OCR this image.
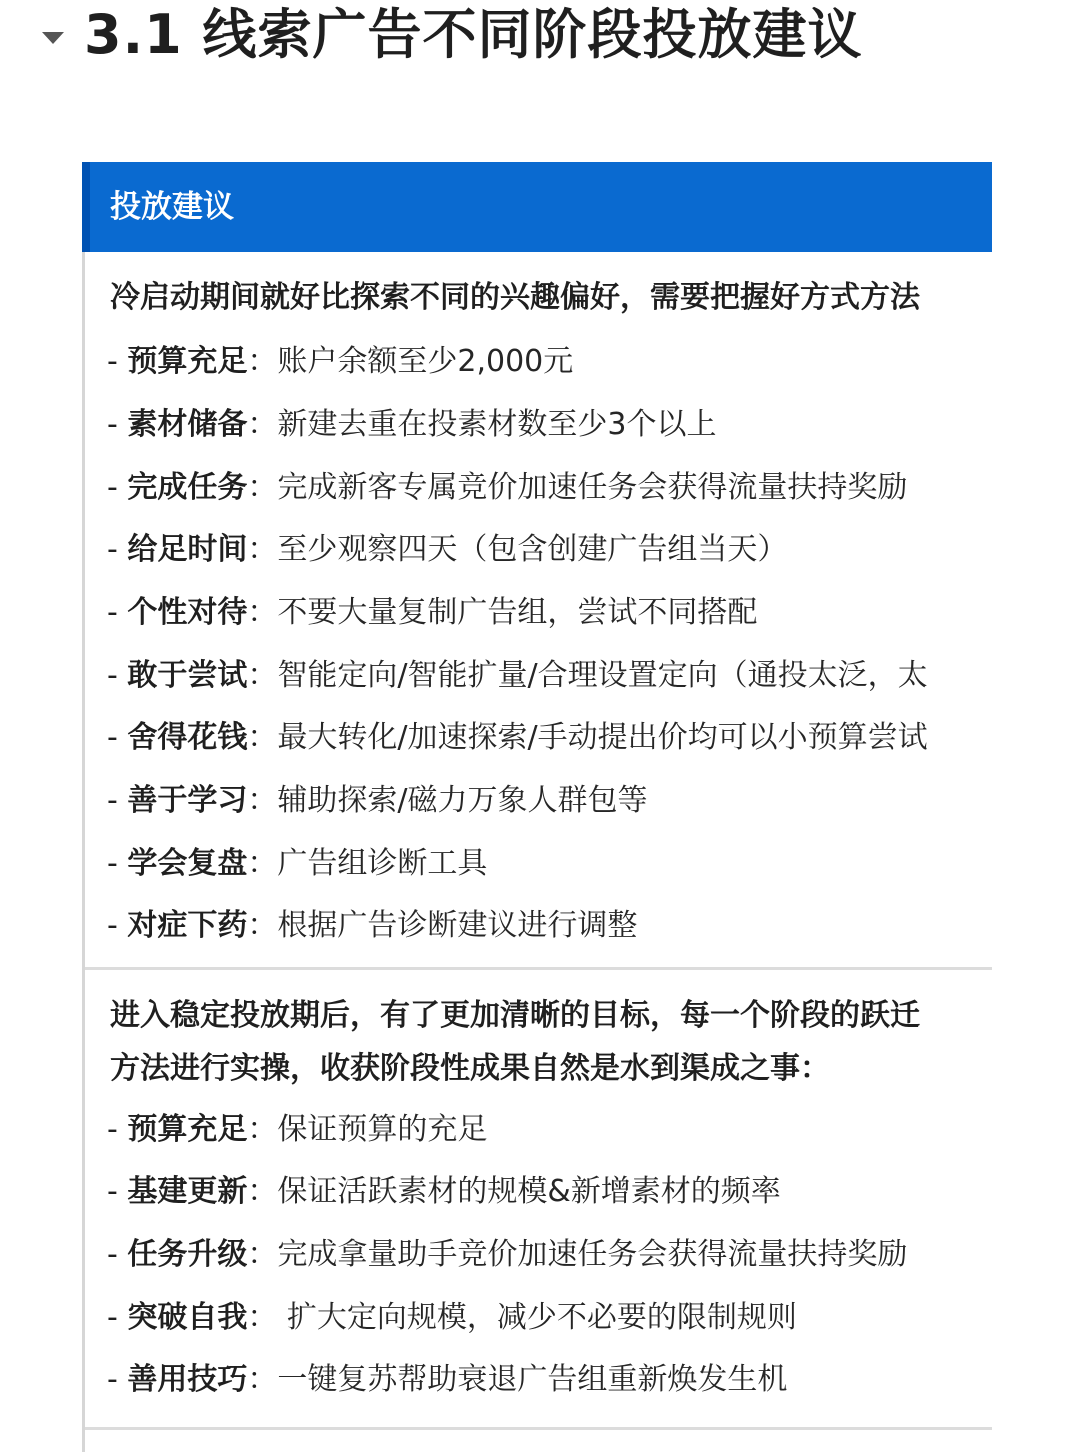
3.1 线索广告不同阶段投放建议
投放建议
冷启动期间就好比探索不同的兴趣偏好，需要把握好方式方法
- 预算充足：账户余额至少2,000元
- 素材储备：新建去重在投素材数至少3个以上
- 完成任务：完成新客专属竞价加速任务会获得流量扶持奖励
- 给足时间：至少观察四天（包含创建广告组当天）
- 个性对待：不要大量复制广告组，尝试不同搭配
- 敢于尝试：智能定向/智能扩量/合理设置定向（通投太泛，太
- 舍得花钱：最大转化/加速探索/手动提出价均可以小预算尝试
- 善于学习：辅助探索/磁力万象人群包等
- 学会复盘：广告组诊断工具
- 对症下药：根据广告诊断建议进行调整
进入稳定投放期后，有了更加清晰的目标，每一个阶段的跃迁
方法进行实操，收获阶段性成果自然是水到渠成之事：
- 预算充足：保证预算的充足
- 基建更新：保证活跃素材的规模&新增素材的频率
- 任务升级：完成拿量助手竞价加速任务会获得流量扶持奖励
- 突破自我： 扩大定向规模，减少不必要的限制规则
- 善用技巧：一键复苏帮助衰退广告组重新焕发生机
